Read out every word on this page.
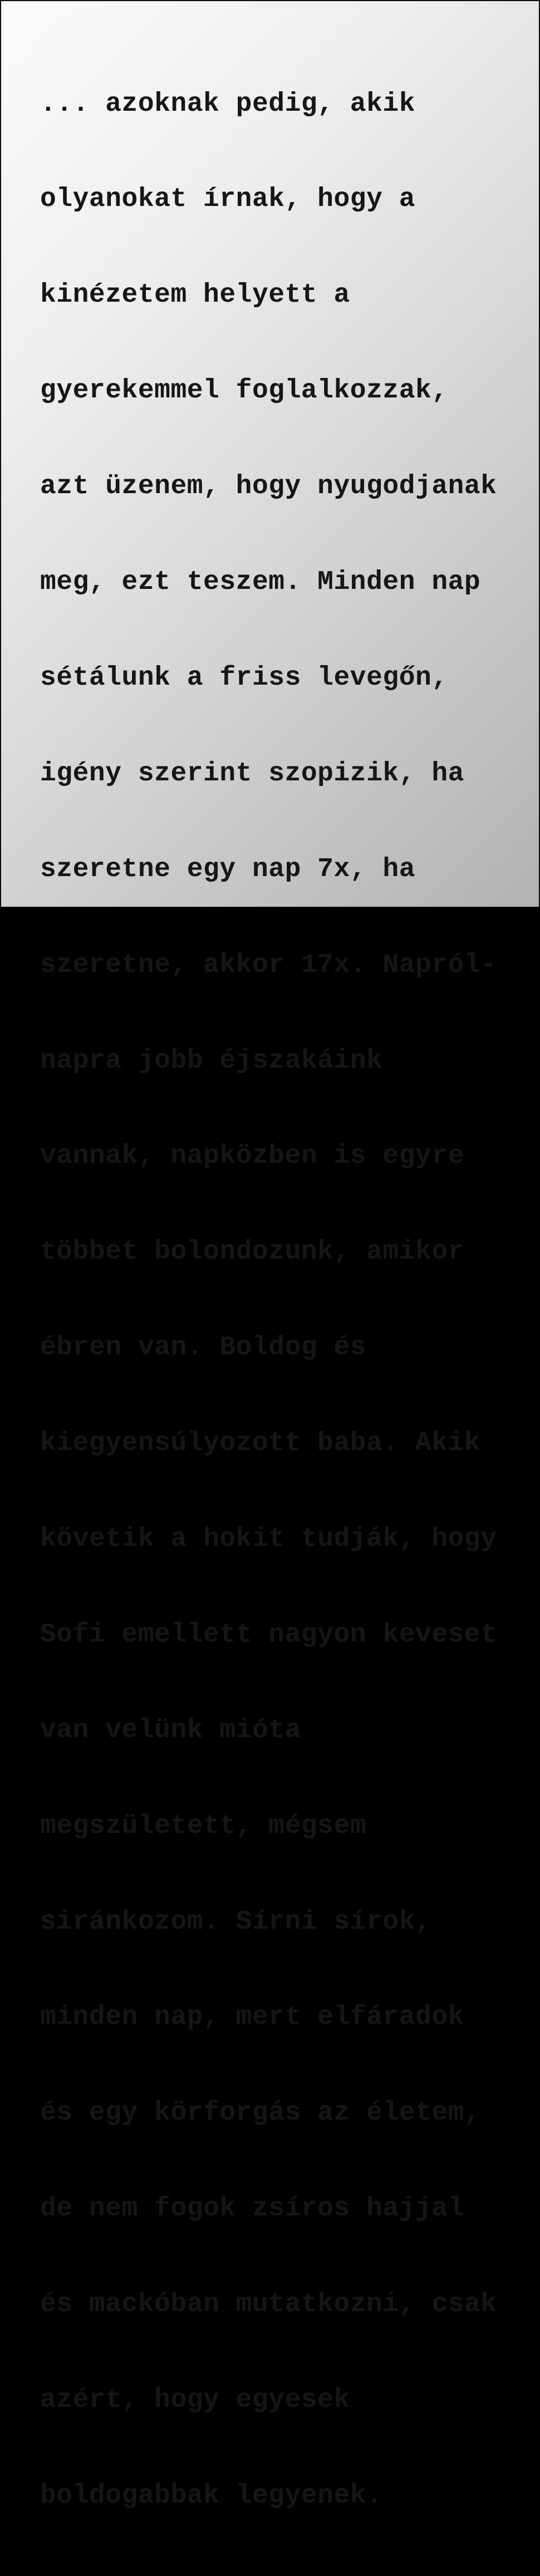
... azoknak pedig, akik

olyanokat írnak, hogy a

kinézetem helyett a

gyerekemmel foglalkozzak,

azt üzenem, hogy nyugodjanak

meg, ezt teszem. Minden nap

sétálunk a friss levegőn,

igény szerint szopizik, ha

szeretne egy nap 7x, ha

szeretne, akkor 17x. Napról-

napra jobb éjszakáink

vannak, napközben is egyre

többet bolondozunk, amikor

ébren van. Boldog és

kiegyensúlyozott baba. Akik

követik a hokit tudják, hogy

Sofi emellett nagyon keveset

van velünk mióta

megszületett, mégsem

siránkozom. Sírni sírok,

minden nap, mert elfáradok

és egy körforgás az életem,

de nem fogok zsíros hajjal

és mackóban mutatkozni, csak

azért, hogy egyesek

boldogabbak legyenek.
